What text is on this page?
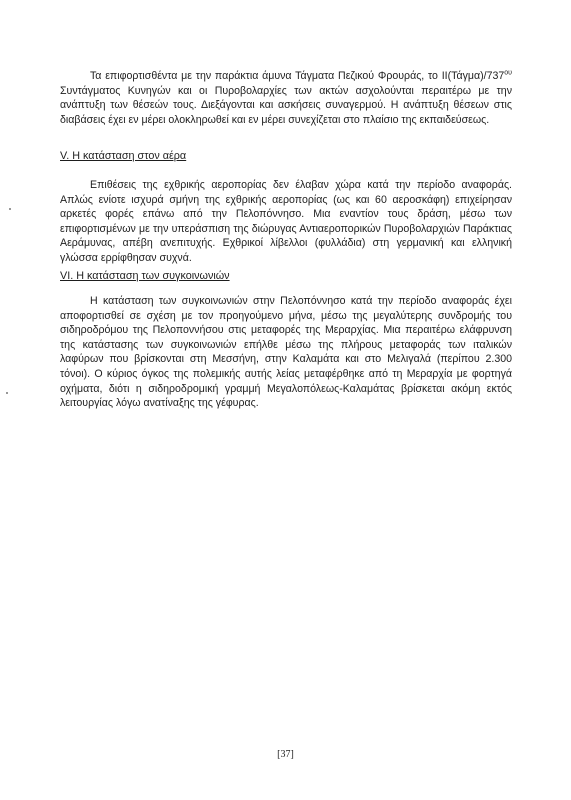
Τα επιφορτισθέντα με την παράκτια άμυνα Τάγματα Πεζικού Φρουράς, το $II(Tά\gamma\mu\alpha)/737^{o\upsilon}$ Συντάγματος Κυνηγών και οι Πυροβολαρχίες των ακτών ασχολούνται περαιτέρω με την ανάπτυξη των θέσεών τους. Διεξάγονται και ασκήσεις συναγερμού. Η ανάπτυξη θέσεων στις διαβάσεις έχει εν μέρει ολοκληρωθεί και εν μέρει συνεχίζεται στο πλαίσιο της εκπαιδεύσεως.

V. Η κατάσταση στον αέρα

Επιθέσεις της εχθρικής αεροπορίας δεν έλαβαν χώρα κατά την περίοδο αναφοράς. Απλώς ενίοτε ισχυρά σμήνη της εχθρικής αεροπορίας (ως και 60 αεροσκάφη) επιχείρησαν αρκετές φορές επάνω από την Πελοπόννησο. Μια εναντίον τους δράση, μέσω των επιφορτισμένων με την υπεράσπιση της διώρυγας Αντιαεροπορικών Πυροβολαρχιών Παράκτιας Αεράμυνας, απέβη ανεπιτυχής. Εχθρικοί λίβελλοι (φυλλάδια) στη γερμανική και ελληνική γλώσσα ερρίφθησαν συχνά.

VI. Η κατάσταση των συγκοινωνιών

Η κατάσταση των συγκοινωνιών στην Πελοπόννησο κατά την περίοδο αναφοράς έχει αποφορτισθεί σε σχέση με τον προηγούμενο μήνα, μέσω της μεγαλύτερης συνδρομής του σιδηροδρόμου της Πελοποννήσου στις μεταφορές της Μεραρχίας. Μια περαιτέρω ελάφρυνση της κατάστασης των συγκοινωνιών επήλθε μέσω της πλήρους μεταφοράς των ιταλικών λαφύρων που βρίσκονται στη Μεσσήνη, στην Καλαμάτα και στο Μελιγαλά (περίπου 2.300 τόνοι). Ο κύριος όγκος της πολεμικής αυτής λείας μεταφέρθηκε από τη Μεραρχία με φορτηγά οχήματα, διότι η σιδηροδρομική γραμμή Μεγαλοπόλεως-Καλαμάτας βρίσκεται ακόμη εκτός λειτουργίας λόγω ανατίναξης της γέφυρας.

[37]
